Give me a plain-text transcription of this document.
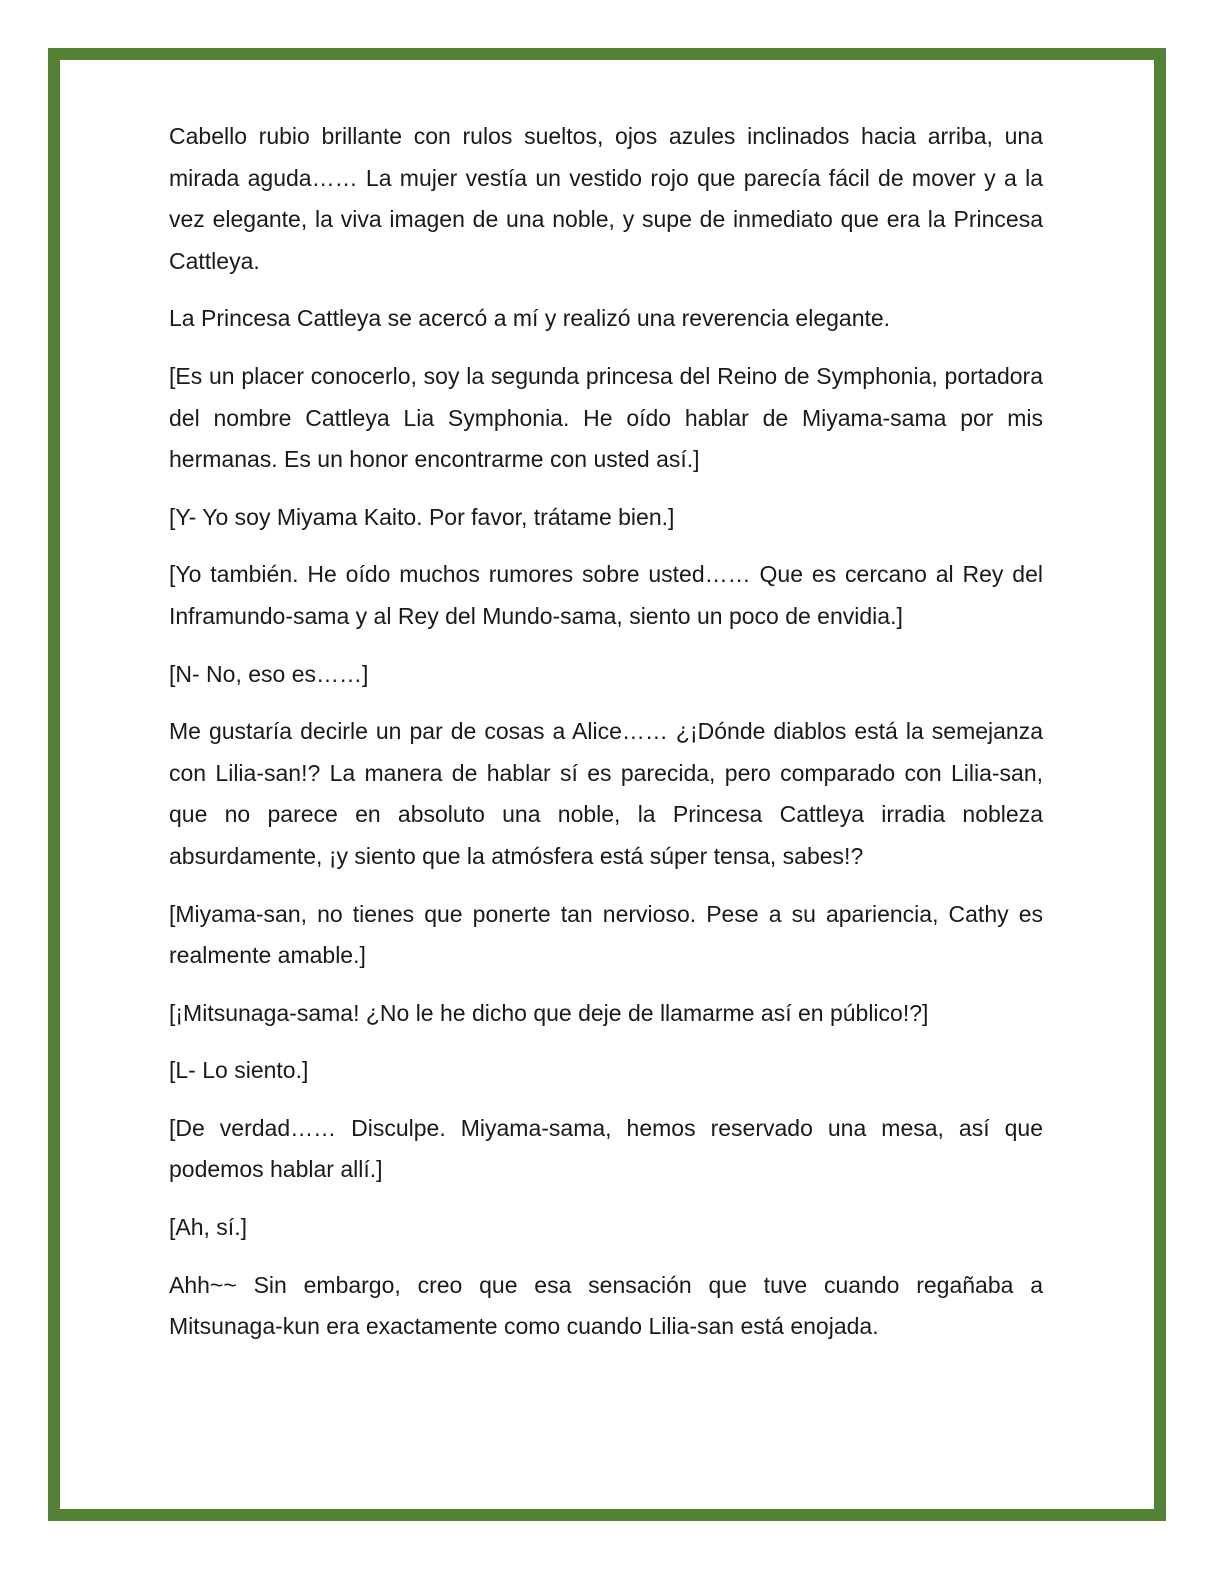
Cabello rubio brillante con rulos sueltos, ojos azules inclinados hacia arriba, una mirada aguda…… La mujer vestía un vestido rojo que parecía fácil de mover y a la vez elegante, la viva imagen de una noble, y supe de inmediato que era la Princesa Cattleya.

La Princesa Cattleya se acercó a mí y realizó una reverencia elegante.

[Es un placer conocerlo, soy la segunda princesa del Reino de Symphonia, portadora del nombre Cattleya Lia Symphonia. He oído hablar de Miyama-sama por mis hermanas. Es un honor encontrarme con usted así.]

[Y- Yo soy Miyama Kaito. Por favor, trátame bien.]

[Yo también. He oído muchos rumores sobre usted…… Que es cercano al Rey del Inframundo-sama y al Rey del Mundo-sama, siento un poco de envidia.]

[N- No, eso es……]

Me gustaría decirle un par de cosas a Alice…… ¿¡Dónde diablos está la semejanza con Lilia-san!? La manera de hablar sí es parecida, pero comparado con Lilia-san, que no parece en absoluto una noble, la Princesa Cattleya irradia nobleza absurdamente, ¡y siento que la atmósfera está súper tensa, sabes!?

[Miyama-san, no tienes que ponerte tan nervioso. Pese a su apariencia, Cathy es realmente amable.]

[¡Mitsunaga-sama! ¿No le he dicho que deje de llamarme así en público!?]

[L- Lo siento.]

[De verdad…… Disculpe. Miyama-sama, hemos reservado una mesa, así que podemos hablar allí.]

[Ah, sí.]

Ahh~~ Sin embargo, creo que esa sensación que tuve cuando regañaba a Mitsunaga-kun era exactamente como cuando Lilia-san está enojada.
